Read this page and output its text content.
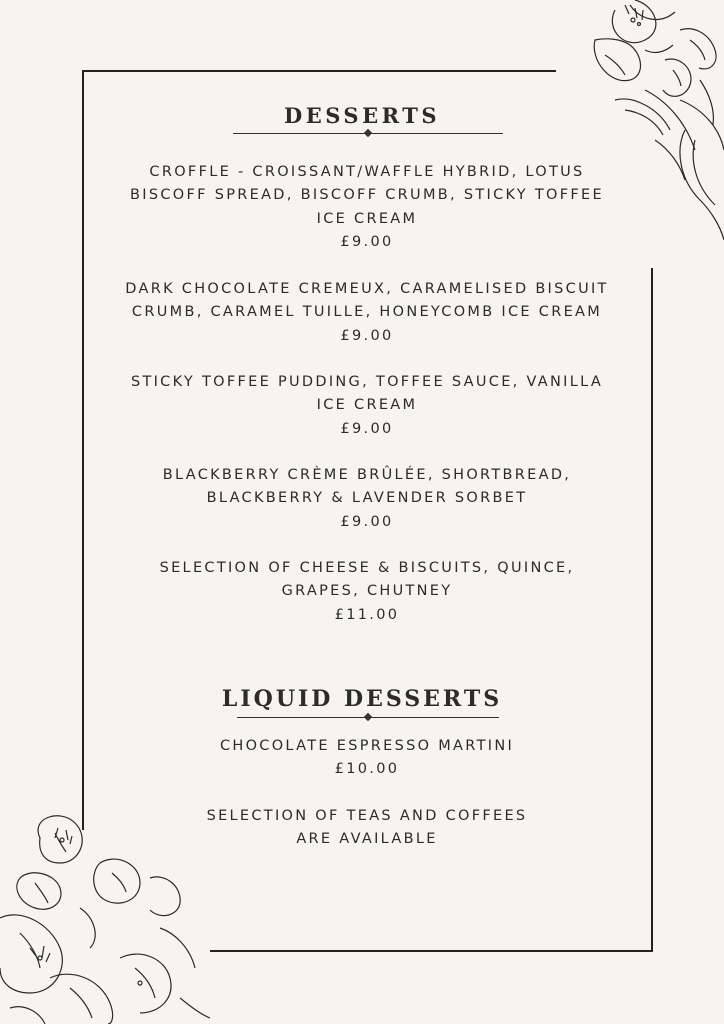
DESSERTS
CROFFLE - CROISSANT/WAFFLE HYBRID, LOTUS
BISCOFF SPREAD, BISCOFF CRUMB, STICKY TOFFEE
ICE CREAM
£9.00
DARK CHOCOLATE CREMEUX, CARAMELISED BISCUIT
CRUMB, CARAMEL TUILLE, HONEYCOMB ICE CREAM
£9.00
STICKY TOFFEE PUDDING, TOFFEE SAUCE, VANILLA
ICE CREAM
£9.00
BLACKBERRY CRÈME BRÛLÉE, SHORTBREAD,
BLACKBERRY & LAVENDER SORBET
£9.00
SELECTION OF CHEESE & BISCUITS, QUINCE,
GRAPES, CHUTNEY
£11.00
LIQUID DESSERTS
CHOCOLATE ESPRESSO MARTINI
£10.00
SELECTION OF TEAS AND COFFEES
ARE AVAILABLE
